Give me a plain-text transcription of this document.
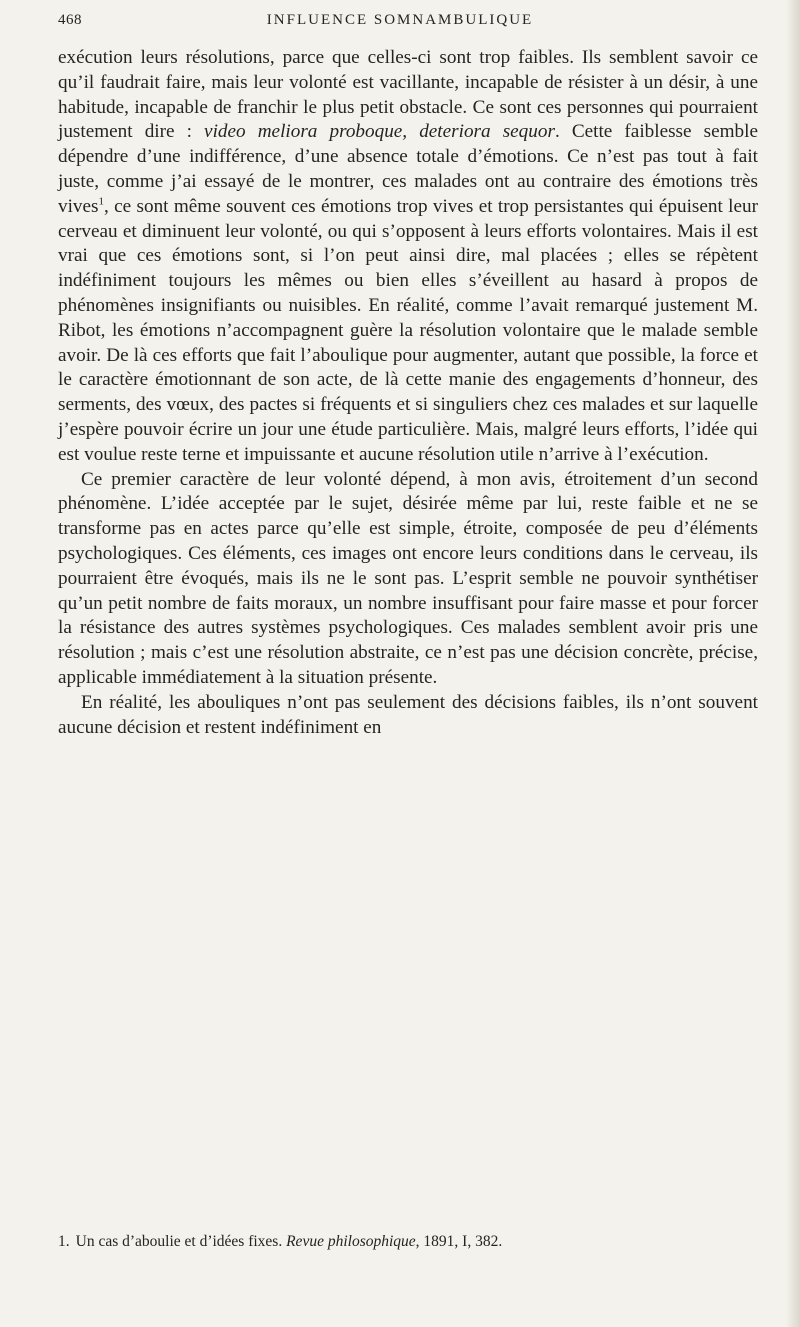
468	INFLUENCE SOMNAMBULIQUE

exécution leurs résolutions, parce que celles-ci sont trop faibles. Ils semblent savoir ce qu’il faudrait faire, mais leur volonté est vacillante, incapable de résister à un désir, à une habitude, incapable de franchir le plus petit obstacle. Ce sont ces personnes qui pourraient justement dire : video meliora proboque, deteriora sequor. Cette faiblesse semble dépendre d’une indifférence, d’une absence totale d’émotions. Ce n’est pas tout à fait juste, comme j’ai essayé de le montrer, ces malades ont au contraire des émotions très vives$^1$, ce sont même souvent ces émotions trop vives et trop persistantes qui épuisent leur cerveau et diminuent leur volonté, ou qui s’opposent à leurs efforts volontaires. Mais il est vrai que ces émotions sont, si l’on peut ainsi dire, mal placées ; elles se répètent indéfiniment toujours les mêmes ou bien elles s’éveillent au hasard à propos de phénomènes insignifiants ou nuisibles. En réalité, comme l’avait remarqué justement M. Ribot, les émotions n’accompagnent guère la résolution volontaire que le malade semble avoir. De là ces efforts que fait l’aboulique pour augmenter, autant que possible, la force et le caractère émotionnant de son acte, de là cette manie des engagements d’honneur, des serments, des vœux, des pactes si fréquents et si singuliers chez ces malades et sur laquelle j’espère pouvoir écrire un jour une étude particulière. Mais, malgré leurs efforts, l’idée qui est voulue reste terne et impuissante et aucune résolution utile n’arrive à l’exécution.

Ce premier caractère de leur volonté dépend, à mon avis, étroitement d’un second phénomène. L’idée acceptée par le sujet, désirée même par lui, reste faible et ne se transforme pas en actes parce qu’elle est simple, étroite, composée de peu d’éléments psychologiques. Ces éléments, ces images ont encore leurs conditions dans le cerveau, ils pourraient être évoqués, mais ils ne le sont pas. L’esprit semble ne pouvoir synthétiser qu’un petit nombre de faits moraux, un nombre insuffisant pour faire masse et pour forcer la résistance des autres systèmes psychologiques. Ces malades semblent avoir pris une résolution ; mais c’est une résolution abstraite, ce n’est pas une décision concrète, précise, applicable immédiatement à la situation présente.

En réalité, les abouliques n’ont pas seulement des décisions faibles, ils n’ont souvent aucune décision et restent indéfiniment en

1. Un cas d’aboulie et d’idées fixes. Revue philosophique, 1891, I, 382.
